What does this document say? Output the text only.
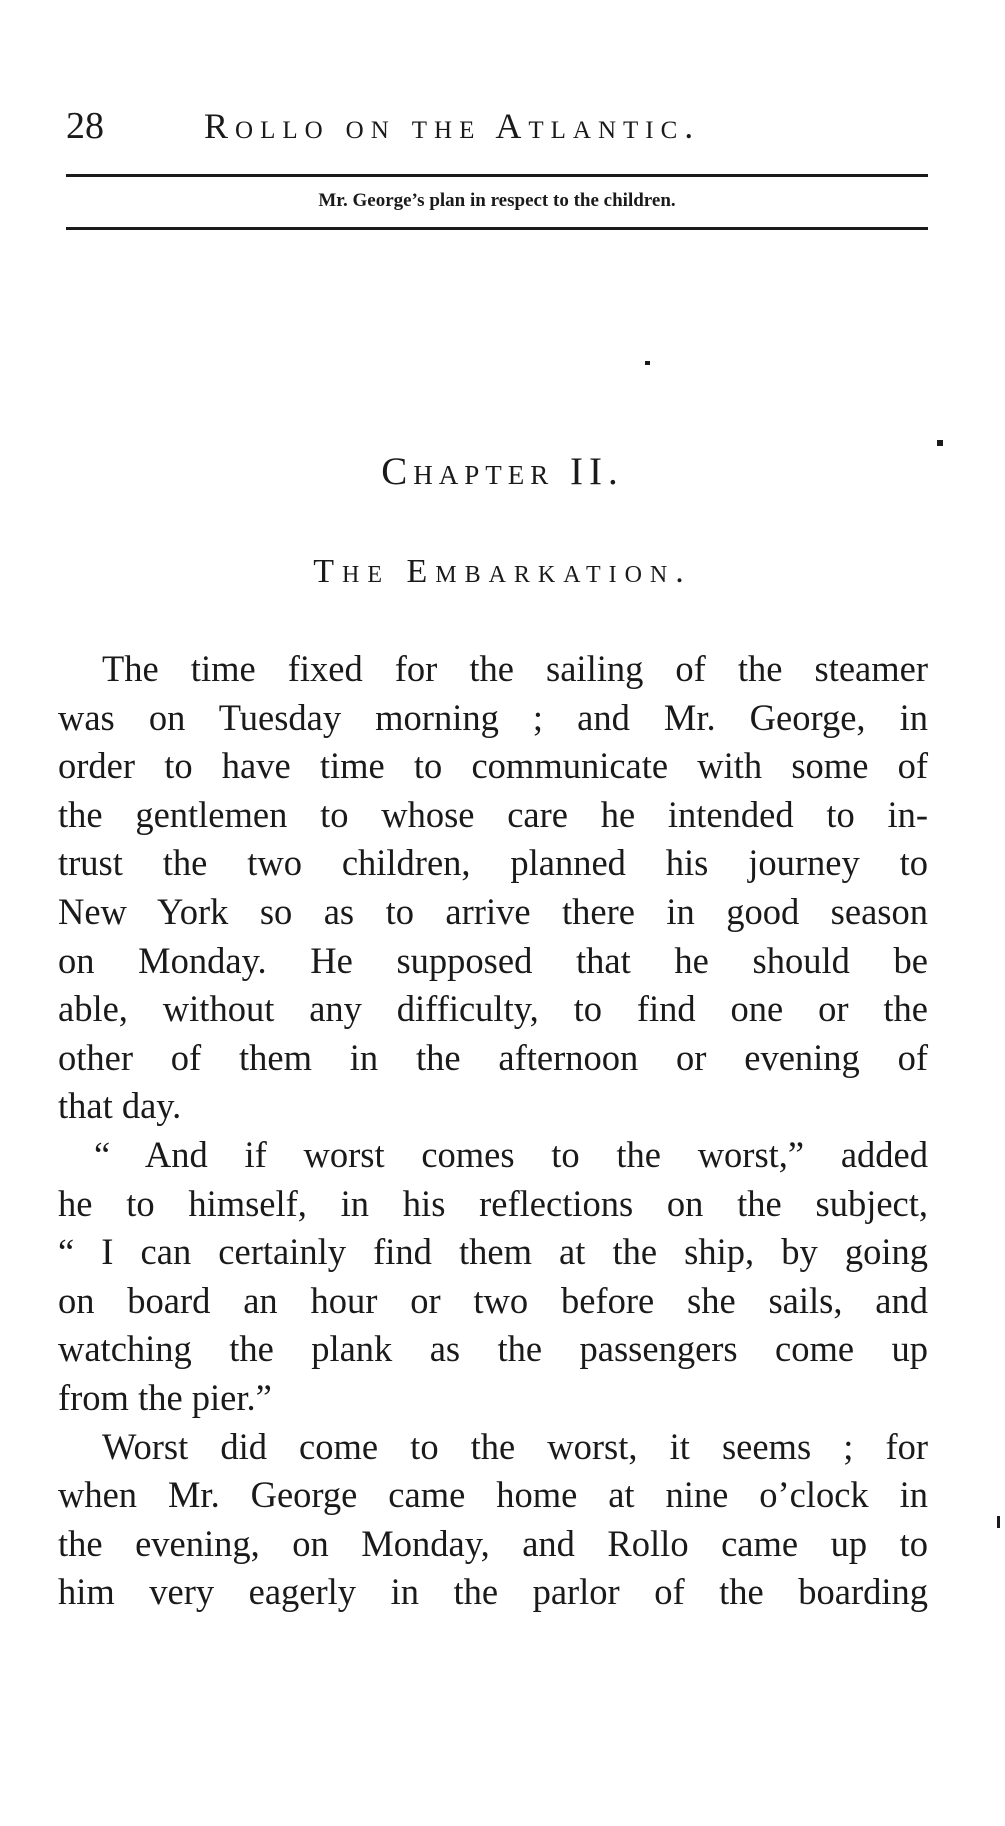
28	Rollo on the Atlantic.
Mr. George’s plan in respect to the children.
Chapter II.
The Embarkation.
The time fixed for the sailing of the steamer
was on Tuesday morning ; and Mr. George, in
order to have time to communicate with some of
the gentlemen to whose care he intended to in-
trust the two children, planned his journey to
New York so as to arrive there in good season
on Monday. He supposed that he should be
able, without any difficulty, to find one or the
other of them in the afternoon or evening of
that day.
“ And if worst comes to the worst,” added
he to himself, in his reflections on the subject,
“ I can certainly find them at the ship, by going
on board an hour or two before she sails, and
watching the plank as the passengers come up
from the pier.”
Worst did come to the worst, it seems ; for
when Mr. George came home at nine o’clock in
the evening, on Monday, and Rollo came up to
him very eagerly in the parlor of the boarding
